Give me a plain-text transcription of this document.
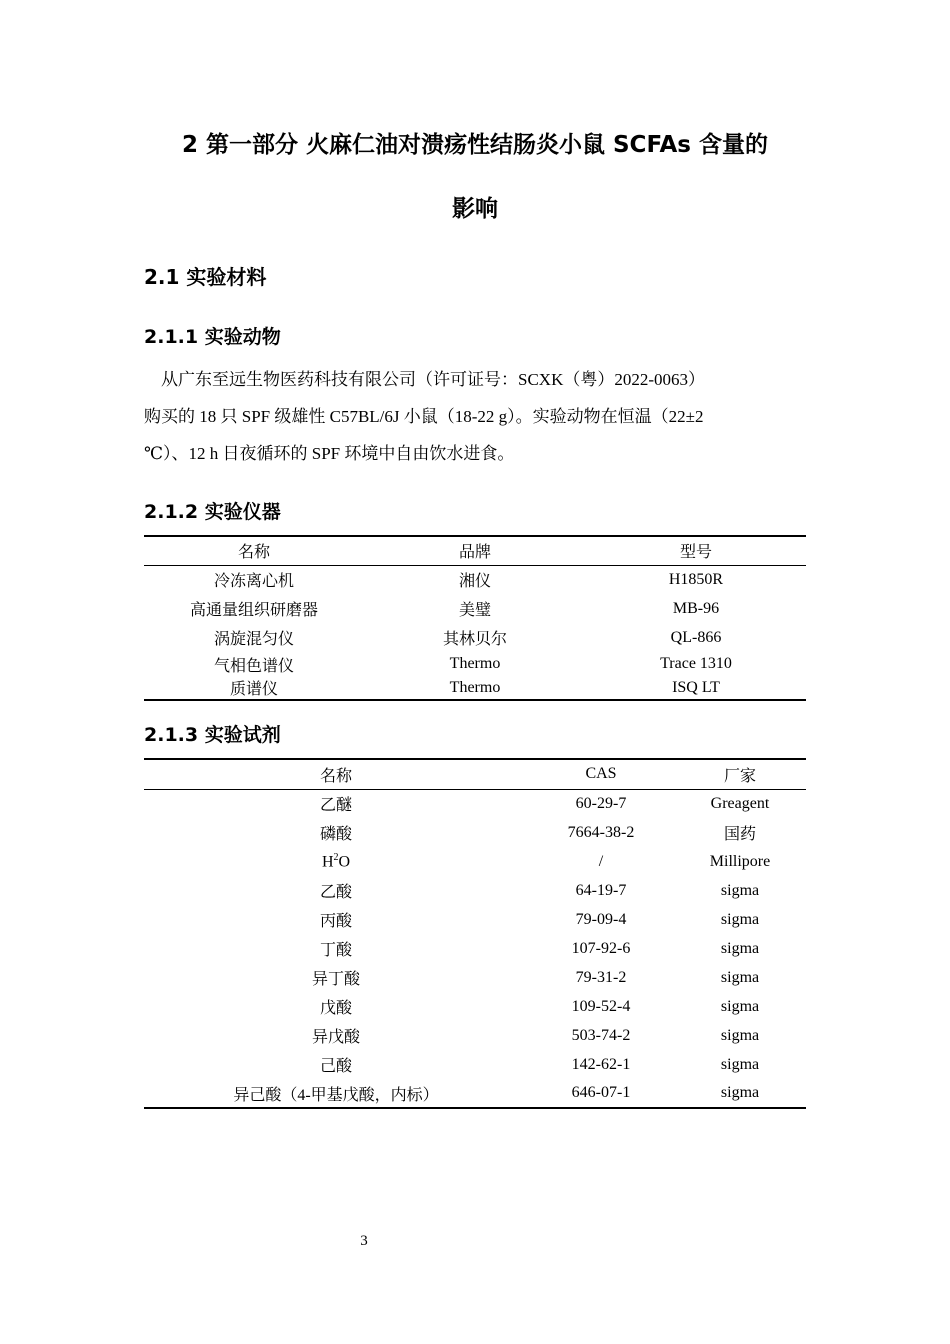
2 第一部分 火麻仁油对溃疡性结肠炎小鼠 SCFAs 含量的
影响
2.1 实验材料
2.1.1 实验动物

从广东至远生物医药科技有限公司（许可证号：SCXK（粤）2022-0063）

购买的 18 只 SPF 级雄性 C57BL/6J 小鼠（18-22 g）。实验动物在恒温（22±2

℃）、12 h 日夜循环的 SPF 环境中自由饮水进食。

2.1.2 实验仪器
名称	品牌	型号
冷冻离心机	湘仪	H1850R
高通量组织研磨器	美璧	MB-96
涡旋混匀仪	其林贝尔	QL-866
气相色谱仪	Thermo	Trace 1310
质谱仪	Thermo	ISQ LT
2.1.3 实验试剂
名称	CAS	厂家
乙醚	60-29-7	Greagent
磷酸	7664-38-2	国药
$H^2O$	/	Millipore
乙酸	64-19-7	sigma
丙酸	79-09-4	sigma
丁酸	107-92-6	sigma
异丁酸	79-31-2	sigma
戊酸	109-52-4	sigma
异戊酸	503-74-2	sigma
己酸	142-62-1	sigma
异己酸（4-甲基戊酸，内标）	646-07-1	sigma
3
